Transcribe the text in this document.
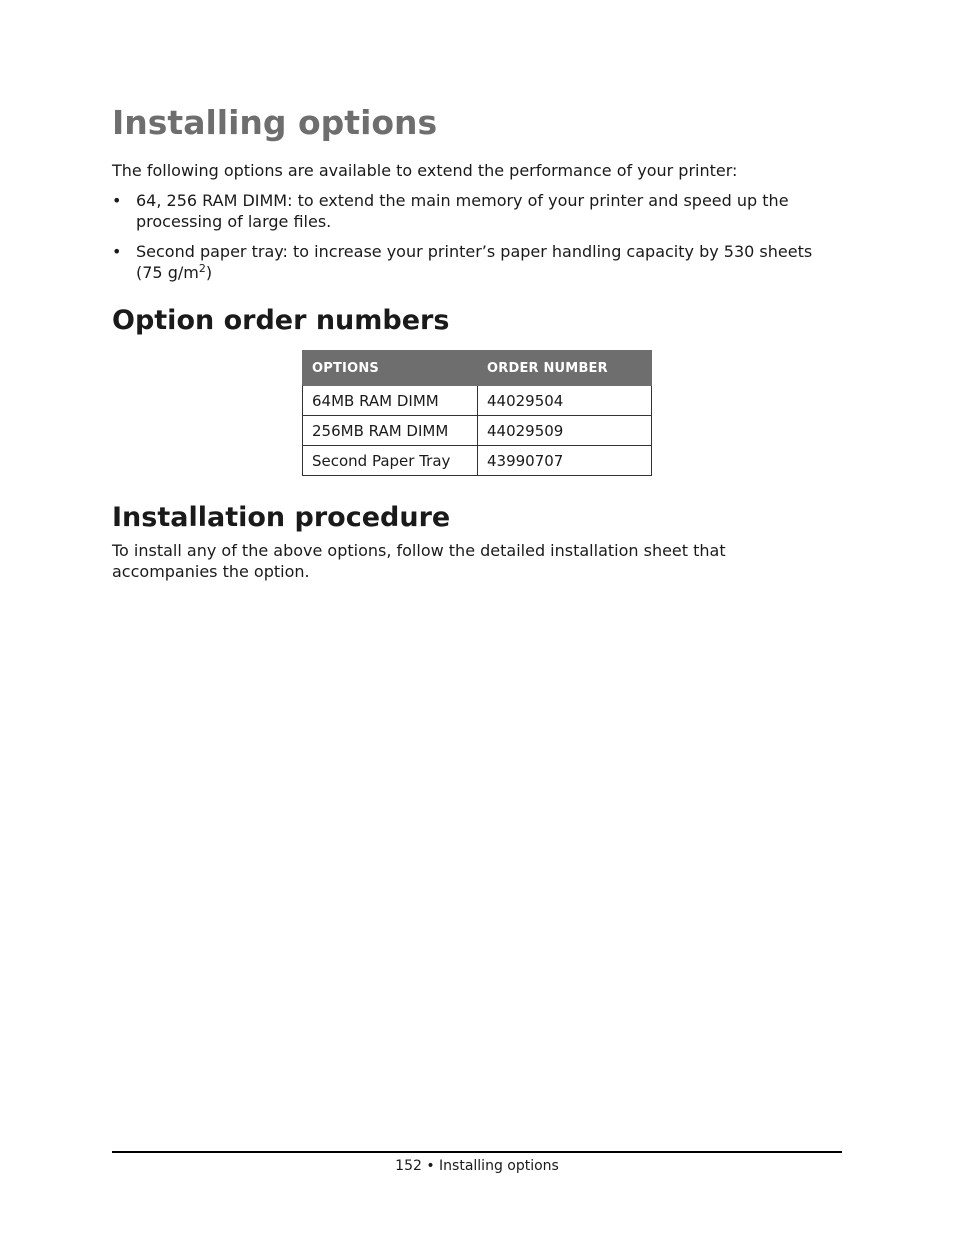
Installing options

The following options are available to extend the performance of your printer:

• 64, 256 RAM DIMM: to extend the main memory of your printer and speed up the processing of large files.
• Second paper tray: to increase your printer’s paper handling capacity by 530 sheets (75 $g/m^2$)
Option order numbers
OPTIONS	ORDER NUMBER
64MB RAM DIMM	44029504
256MB RAM DIMM	44029509
Second Paper Tray	43990707
Installation procedure

To install any of the above options, follow the detailed installation sheet that accompanies the option.

152 • Installing options
